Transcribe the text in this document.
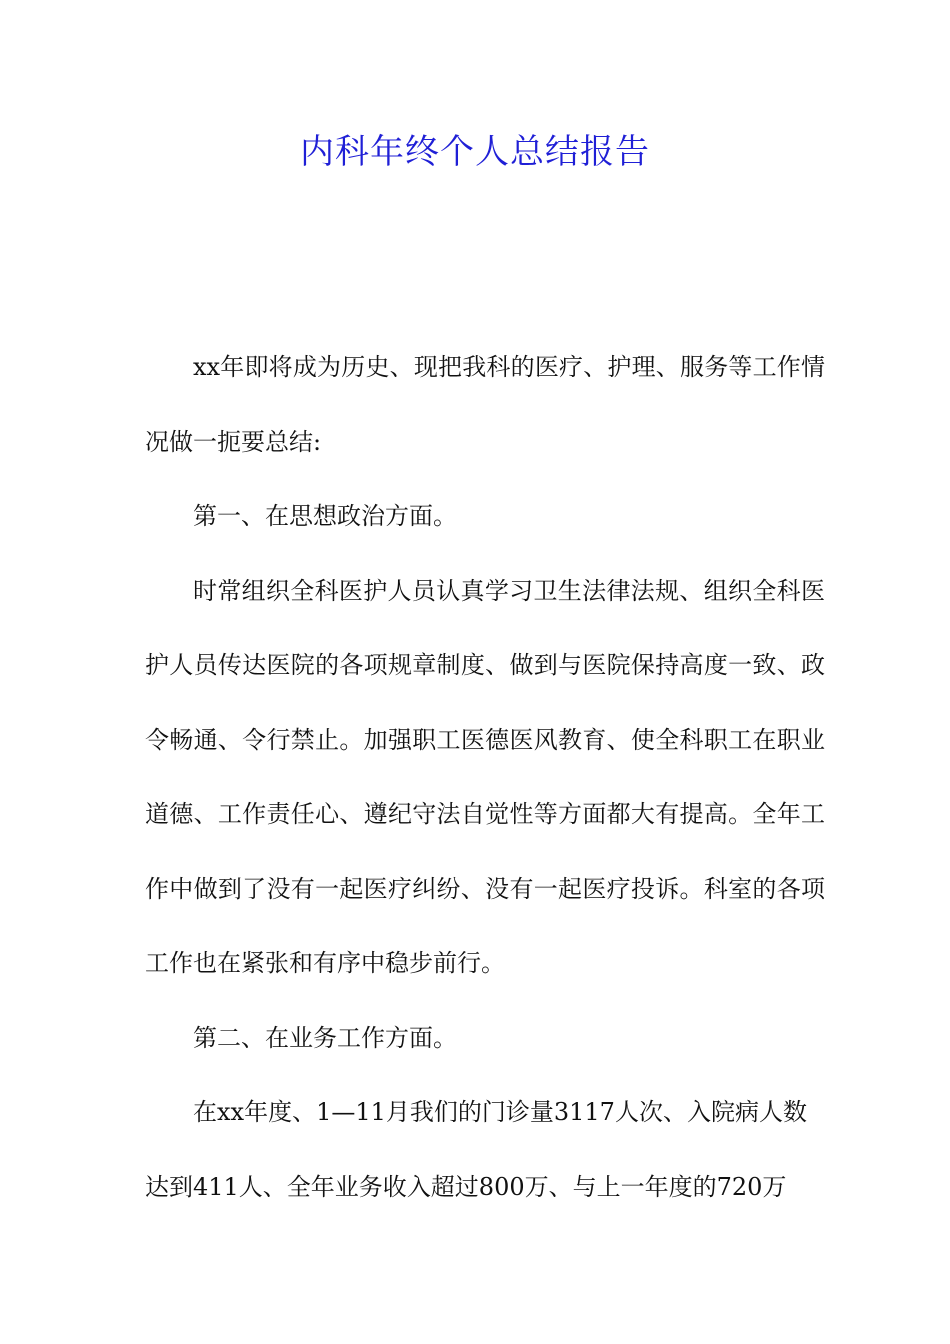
内科年终个人总结报告

xx年即将成为历史、现把我科的医疗、护理、服务等工作情况做一扼要总结:

第一、在思想政治方面。

时常组织全科医护人员认真学习卫生法律法规、组织全科医护人员传达医院的各项规章制度、做到与医院保持高度一致、政令畅通、令行禁止。加强职工医德医风教育、使全科职工在职业道德、工作责任心、遵纪守法自觉性等方面都大有提高。全年工作中做到了没有一起医疗纠纷、没有一起医疗投诉。科室的各项工作也在紧张和有序中稳步前行。

第二、在业务工作方面。

在xx年度、1—11月我们的门诊量3117人次、入院病人数达到411人、全年业务收入超过800万、与上一年度的720万
